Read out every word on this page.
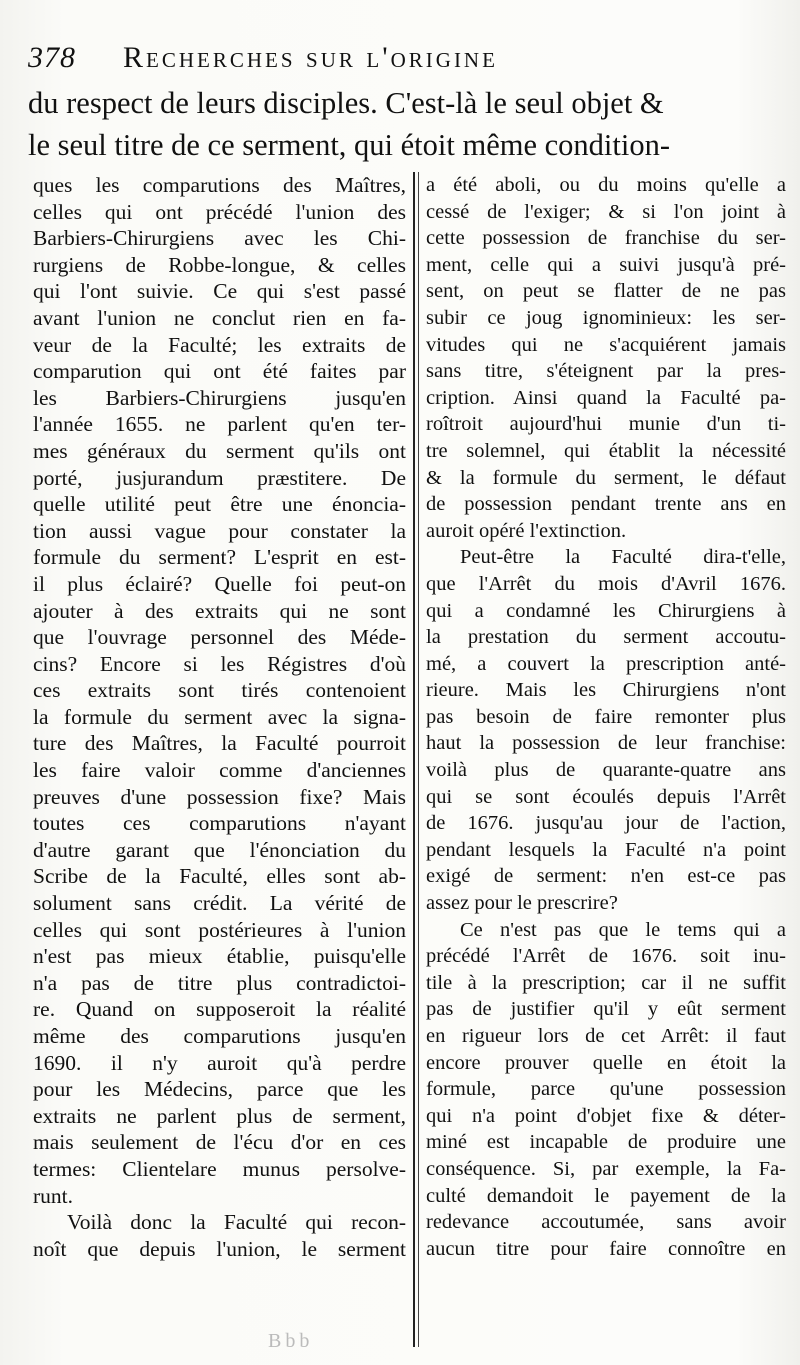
378 Recherches sur l'origine
du respect de leurs disciples. C'est-là le seul objet &
le seul titre de ce serment, qui étoit même condition-
ques les comparutions des Maîtres,
celles qui ont précédé l'union des
Barbiers-Chirurgiens avec les Chi-
rurgiens de Robbe-longue, & celles
qui l'ont suivie. Ce qui s'est passé
avant l'union ne conclut rien en fa-
veur de la Faculté; les extraits de
comparution qui ont été faites par
les Barbiers-Chirurgiens jusqu'en
l'année 1655. ne parlent qu'en ter-
mes généraux du serment qu'ils ont
porté, jusjurandum præstitere. De
quelle utilité peut être une énoncia-
tion aussi vague pour constater la
formule du serment? L'esprit en est-
il plus éclairé? Quelle foi peut-on
ajouter à des extraits qui ne sont
que l'ouvrage personnel des Méde-
cins? Encore si les Régistres d'où
ces extraits sont tirés contenoient
la formule du serment avec la signa-
ture des Maîtres, la Faculté pourroit
les faire valoir comme d'anciennes
preuves d'une possession fixe? Mais
toutes ces comparutions n'ayant
d'autre garant que l'énonciation du
Scribe de la Faculté, elles sont ab-
solument sans crédit. La vérité de
celles qui sont postérieures à l'union
n'est pas mieux établie, puisqu'elle
n'a pas de titre plus contradictoi-
re. Quand on supposeroit la réalité
même des comparutions jusqu'en
1690. il n'y auroit qu'à perdre
pour les Médecins, parce que les
extraits ne parlent plus de serment,
mais seulement de l'écu d'or en ces
termes: Clientelare munus persolve-
runt.
Voilà donc la Faculté qui recon-
noît que depuis l'union, le serment
a été aboli, ou du moins qu'elle a
cessé de l'exiger; & si l'on joint à
cette possession de franchise du ser-
ment, celle qui a suivi jusqu'à pré-
sent, on peut se flatter de ne pas
subir ce joug ignominieux: les ser-
vitudes qui ne s'acquiérent jamais
sans titre, s'éteignent par la pres-
cription. Ainsi quand la Faculté pa-
roîtroit aujourd'hui munie d'un ti-
tre solemnel, qui établit la nécessité
& la formule du serment, le défaut
de possession pendant trente ans en
auroit opéré l'extinction.
Peut-être la Faculté dira-t'elle,
que l'Arrêt du mois d'Avril 1676.
qui a condamné les Chirurgiens à
la prestation du serment accoutu-
mé, a couvert la prescription anté-
rieure. Mais les Chirurgiens n'ont
pas besoin de faire remonter plus
haut la possession de leur franchise:
voilà plus de quarante-quatre ans
qui se sont écoulés depuis l'Arrêt
de 1676. jusqu'au jour de l'action,
pendant lesquels la Faculté n'a point
exigé de serment: n'en est-ce pas
assez pour le prescrire?
Ce n'est pas que le tems qui a
précédé l'Arrêt de 1676. soit inu-
tile à la prescription; car il ne suffit
pas de justifier qu'il y eût serment
en rigueur lors de cet Arrêt: il faut
encore prouver quelle en étoit la
formule, parce qu'une possession
qui n'a point d'objet fixe & déter-
miné est incapable de produire une
conséquence. Si, par exemple, la Fa-
culté demandoit le payement de la
redevance accoutumée, sans avoir
aucun titre pour faire connoître en
Bbb
